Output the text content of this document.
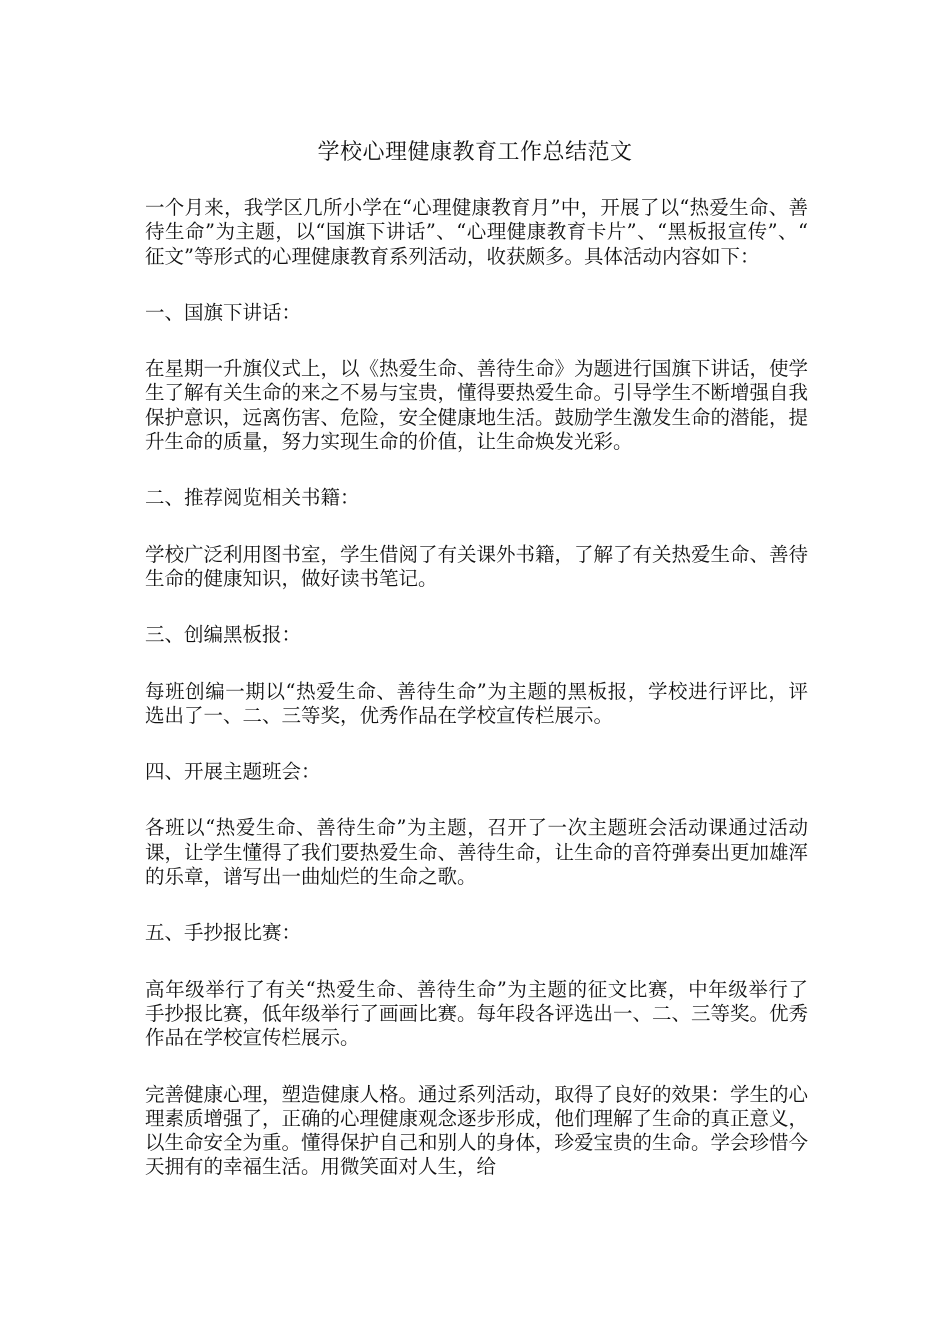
学校心理健康教育工作总结范文

一个月来，我学区几所小学在“心理健康教育月”中，开展了以“热爱生命、善待生命”为主题，以“国旗下讲话”、“心理健康教育卡片”、“黑板报宣传”、“征文”等形式的心理健康教育系列活动，收获颇多。具体活动内容如下：

一、国旗下讲话：

在星期一升旗仪式上，以《热爱生命、善待生命》为题进行国旗下讲话，使学生了解有关生命的来之不易与宝贵，懂得要热爱生命。引导学生不断增强自我保护意识，远离伤害、危险，安全健康地生活。鼓励学生激发生命的潜能，提升生命的质量，努力实现生命的价值，让生命焕发光彩。

二、推荐阅览相关书籍：

学校广泛利用图书室，学生借阅了有关课外书籍，了解了有关热爱生命、善待生命的健康知识，做好读书笔记。

三、创编黑板报：

每班创编一期以“热爱生命、善待生命”为主题的黑板报，学校进行评比，评选出了一、二、三等奖，优秀作品在学校宣传栏展示。

四、开展主题班会：

各班以“热爱生命、善待生命”为主题，召开了一次主题班会活动课通过活动课，让学生懂得了我们要热爱生命、善待生命，让生命的音符弹奏出更加雄浑的乐章，谱写出一曲灿烂的生命之歌。

五、手抄报比赛：

高年级举行了有关“热爱生命、善待生命”为主题的征文比赛，中年级举行了手抄报比赛，低年级举行了画画比赛。每年段各评选出一、二、三等奖。优秀作品在学校宣传栏展示。

完善健康心理，塑造健康人格。通过系列活动，取得了良好的效果：学生的心理素质增强了，正确的心理健康观念逐步形成，他们理解了生命的真正意义，以生命安全为重。懂得保护自己和别人的身体，珍爱宝贵的生命。学会珍惜今天拥有的幸福生活。用微笑面对人生，给
